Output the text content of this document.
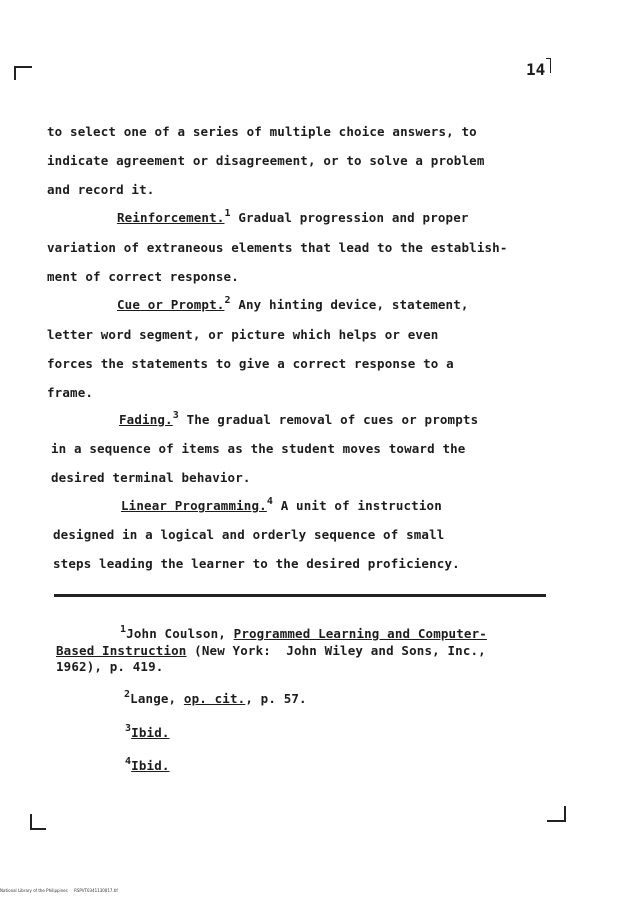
14
to select one of a series of multiple choice answers, to
indicate agreement or disagreement, or to solve a problem
and record it.
Reinforcement.$^1$ Gradual progression and proper
variation of extraneous elements that lead to the establish-
ment of correct response.
Cue or Prompt.$^2$ Any hinting device, statement,
letter word segment, or picture which helps or even
forces the statements to give a correct response to a
frame.
Fading.$^3$ The gradual removal of cues or prompts
in a sequence of items as the student moves toward the
desired terminal behavior.
Linear Programming.$^4$ A unit of instruction
designed in a logical and orderly sequence of small
steps leading the learner to the desired proficiency.
$^1$John Coulson, Programmed Learning and Computer-
Based Instruction (New York:  John Wiley and Sons, Inc.,
1962), p. 419.
$^2$Lange, op. cit., p. 57.
$^3$Ibid.
$^4$Ibid.
National Library of the Philippines     RSPVT0341130017.tif
